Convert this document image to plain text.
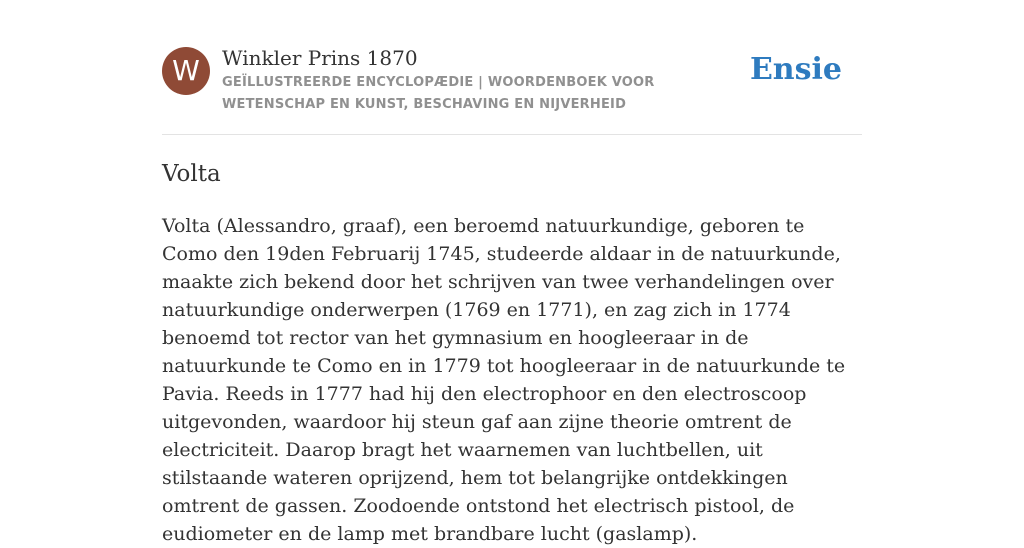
W	Winkler Prins 1870
GEÏLLUSTREERDE ENCYCLOPÆDIE | WOORDENBOEK VOOR WETENSCHAP EN KUNST, BESCHAVING EN NIJVERHEID
Ensie
Volta

Volta (Alessandro, graaf), een beroemd natuurkundige, geboren te Como den 19den Februarij 1745, studeerde aldaar in de natuurkunde, maakte zich bekend door het schrijven van twee verhandelingen over natuurkundige onderwerpen (1769 en 1771), en zag zich in 1774 benoemd tot rector van het gymnasium en hoogleeraar in de natuurkunde te Como en in 1779 tot hoogleeraar in de natuurkunde te Pavia. Reeds in 1777 had hij den electrophoor en den electroscoop uitgevonden, waardoor hij steun gaf aan zijne theorie omtrent de electriciteit. Daarop bragt het waarnemen van luchtbellen, uit stilstaande wateren oprijzend, hem tot belangrijke ontdekkingen omtrent de gassen. Zoodoende ontstond het electrisch pistool, de eudiometer en de lamp met brandbare lucht (gaslamp).
